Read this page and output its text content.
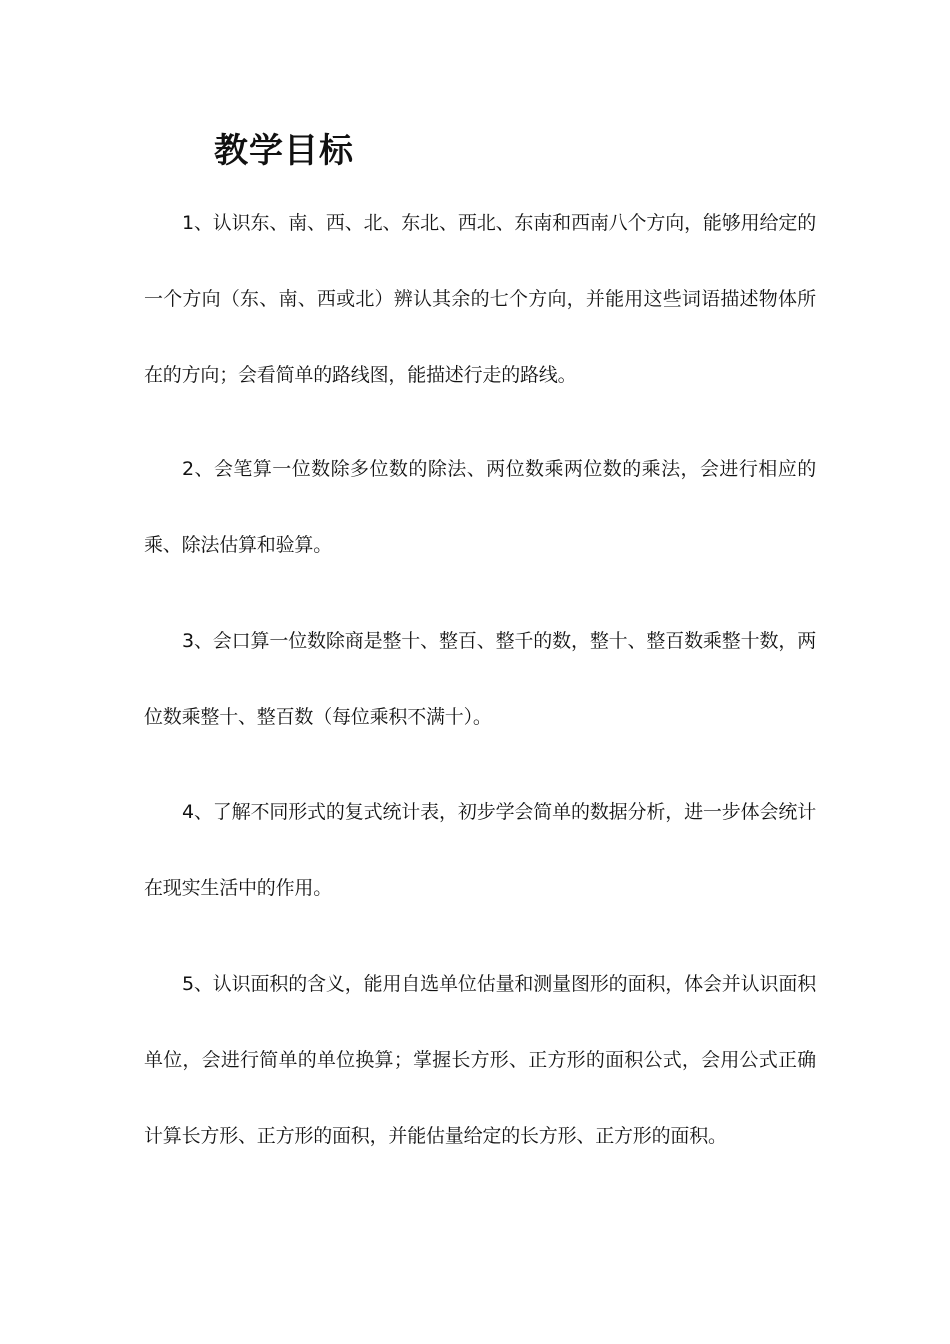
教学目标

1、认识东、南、西、北、东北、西北、东南和西南八个方向，能够用给定的一个方向（东、南、西或北）辨认其余的七个方向，并能用这些词语描述物体所在的方向；会看简单的路线图，能描述行走的路线。

2、会笔算一位数除多位数的除法、两位数乘两位数的乘法，会进行相应的乘、除法估算和验算。

3、会口算一位数除商是整十、整百、整千的数，整十、整百数乘整十数，两位数乘整十、整百数（每位乘积不满十）。

4、了解不同形式的复式统计表，初步学会简单的数据分析，进一步体会统计在现实生活中的作用。

5、认识面积的含义，能用自选单位估量和测量图形的面积，体会并认识面积单位，会进行简单的单位换算；掌握长方形、正方形的面积公式，会用公式正确计算长方形、正方形的面积，并能估量给定的长方形、正方形的面积。
